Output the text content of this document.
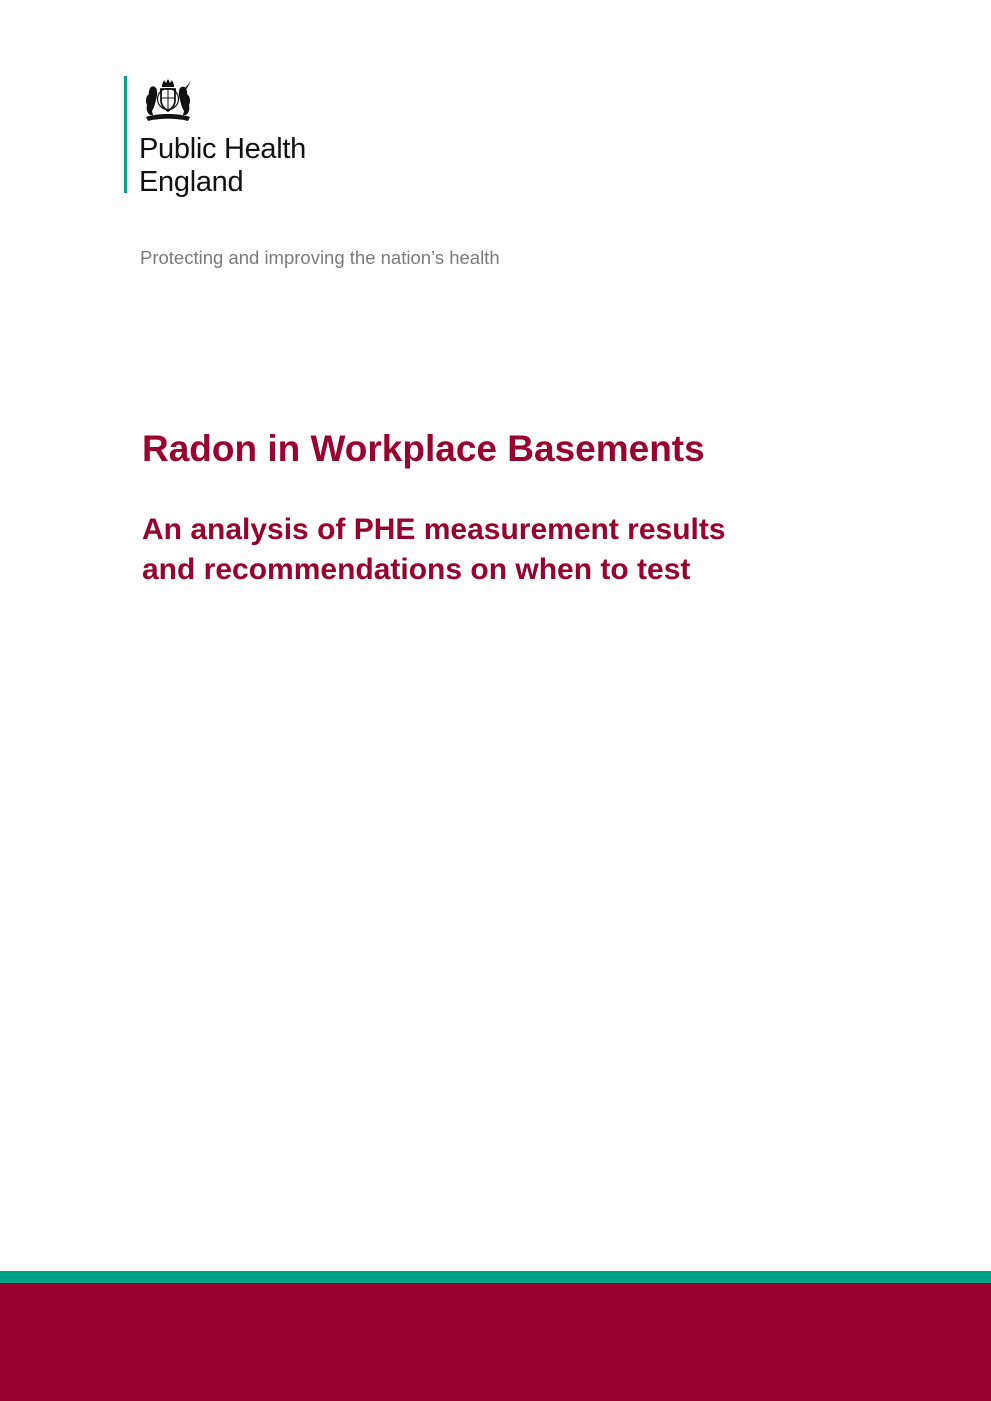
Public Health
England
Protecting and improving the nation’s health
Radon in Workplace Basements
An analysis of PHE measurement results
and recommendations on when to test
